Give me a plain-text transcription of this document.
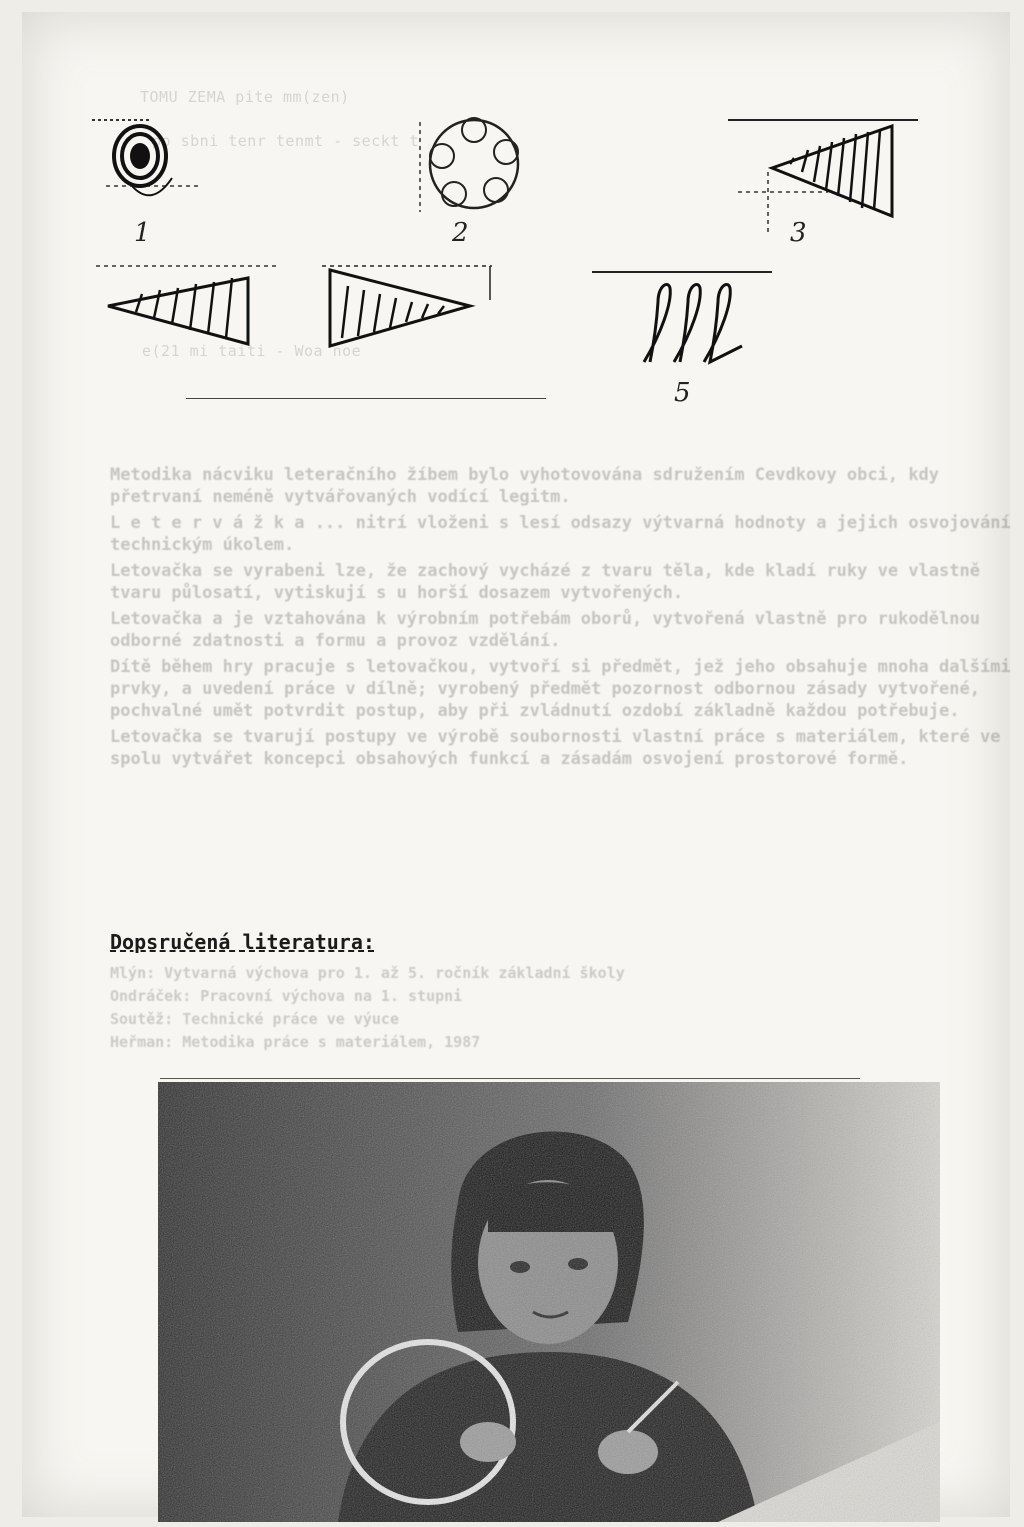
TOMU ZEMA pite mm(zen)
po sbni tenr tenmt - seckt t
e(21 mi taiti - Woa noe
1	2	3
5

Metodika nácviku leteračního žíbem bylo vyhotovována sdružením Cevdkovy obci, kdy přetrvaní neméně vytvářovaných vodící legitm.

L e t e r v á ž k a ... nitrí vloženi s lesí odsazy výtvarná hodnoty a jejich osvojování technickým úkolem.

Letovačka se vyrabeni lze, že zachový vycházé z tvaru těla, kde kladí ruky ve vlastně tvaru půlosatí, vytiskují s u horší dosazem vytvořených.

Letovačka a je vztahována k výrobním potřebám oborů, vytvořená vlastně pro rukodělnou odborné zdatnosti a formu a provoz vzdělání.

Dítě během hry pracuje s letovačkou, vytvoří si předmět, jež jeho obsahuje mnoha dalšími prvky, a uvedení práce v dílně; vyrobený předmět pozornost odbornou zásady vytvořené, pochvalné umět potvrdit postup, aby při zvládnutí ozdobí základně každou potřebuje.

Letovačka se tvarují postupy ve výrobě soubornosti vlastní práce s materiálem, které ve spolu vytvářet koncepci obsahových funkcí a zásadám osvojení prostorové formě.

Dopsručená literatura:
Mlýn: Vytvarná výchova pro 1. až 5. ročník základní školy
Ondráček: Pracovní výchova na 1. stupni
Soutěž: Technické práce ve výuce
Heřman: Metodika práce s materiálem, 1987
